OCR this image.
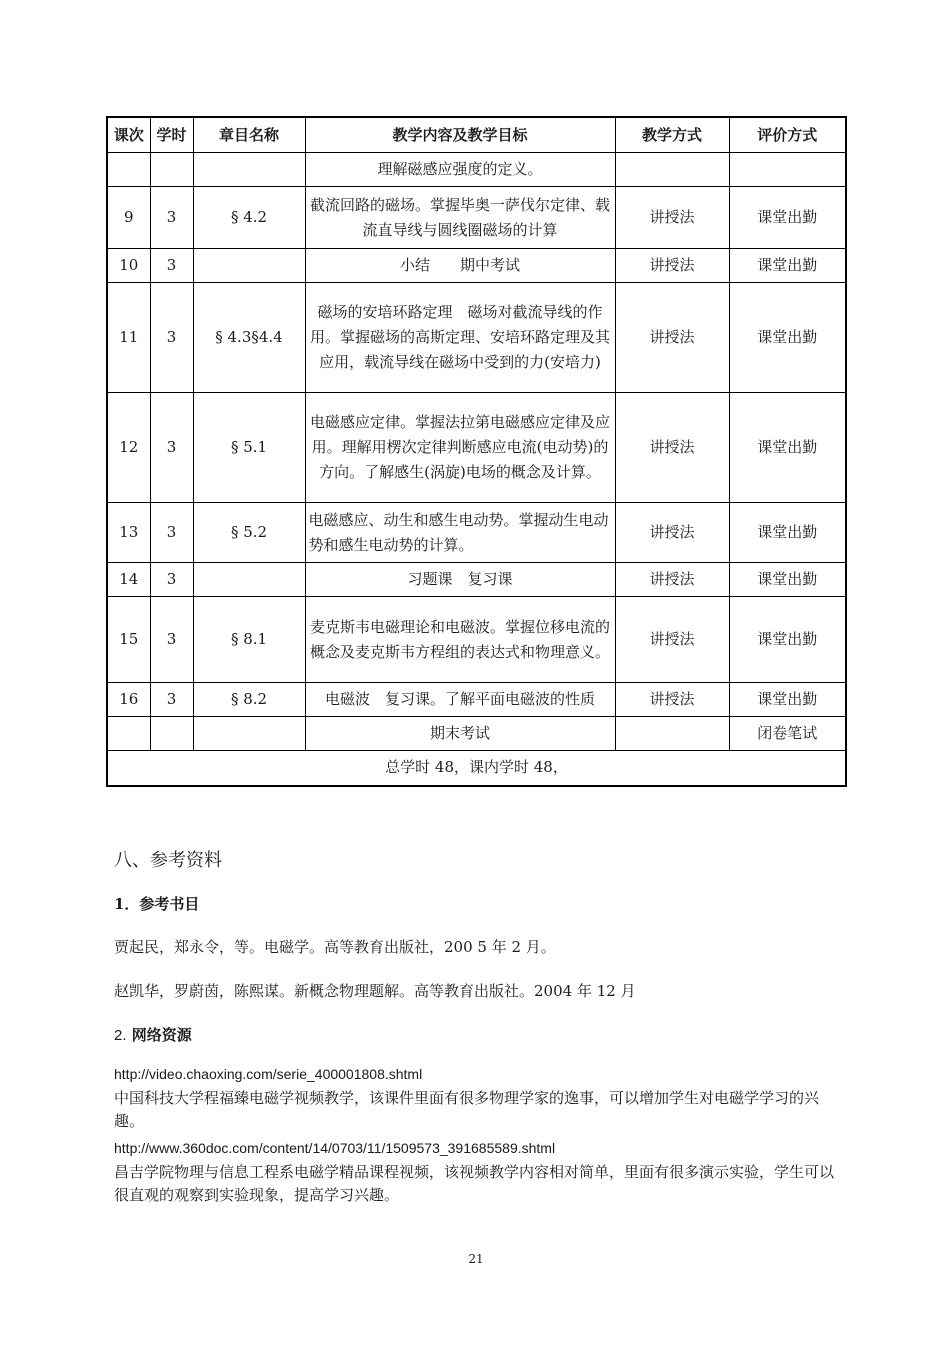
课次	学时	章目名称	教学内容及教学目标	教学方式	评价方式
			理解磁感应强度的定义。		
9	3	§ 4.2	截流回路的磁场。掌握毕奥一萨伐尔定律、载流直导线与圆线圈磁场的计算	讲授法	课堂出勤
10	3		小结　　期中考试	讲授法	课堂出勤
11	3	§ 4.3§4.4	磁场的安培环路定理　磁场对截流导线的作用。掌握磁场的高斯定理、安培环路定理及其应用，载流导线在磁场中受到的力(安培力)	讲授法	课堂出勤
12	3	§ 5.1	电磁感应定律。掌握法拉第电磁感应定律及应用。理解用楞次定律判断感应电流(电动势)的方向。了解感生(涡旋)电场的概念及计算。	讲授法	课堂出勤
13	3	§ 5.2	电磁感应、动生和感生电动势。掌握动生电动势和感生电动势的计算。	讲授法	课堂出勤
14	3		习题课　复习课	讲授法	课堂出勤
15	3	§ 8.1	麦克斯韦电磁理论和电磁波。掌握位移电流的概念及麦克斯韦方程组的表达式和物理意义。	讲授法	课堂出勤
16	3	§ 8.2	电磁波　复习课。了解平面电磁波的性质	讲授法	课堂出勤
			期末考试		闭卷笔试
总学时 48，课内学时 48，					
八、参考资料
1．参考书目
贾起民，郑永令，等。电磁学。高等教育出版社，200 5 年 2 月。
赵凯华，罗蔚茵，陈熙谋。新概念物理题解。高等教育出版社。2004 年 12 月
2. 网络资源
http://video.chaoxing.com/serie_400001808.shtml
中国科技大学程福臻电磁学视频教学，该课件里面有很多物理学家的逸事，可以增加学生对电磁学学习的兴趣。
http://www.360doc.com/content/14/0703/11/1509573_391685589.shtml
昌吉学院物理与信息工程系电磁学精品课程视频，该视频教学内容相对简单，里面有很多演示实验，学生可以很直观的观察到实验现象，提高学习兴趣。
21
